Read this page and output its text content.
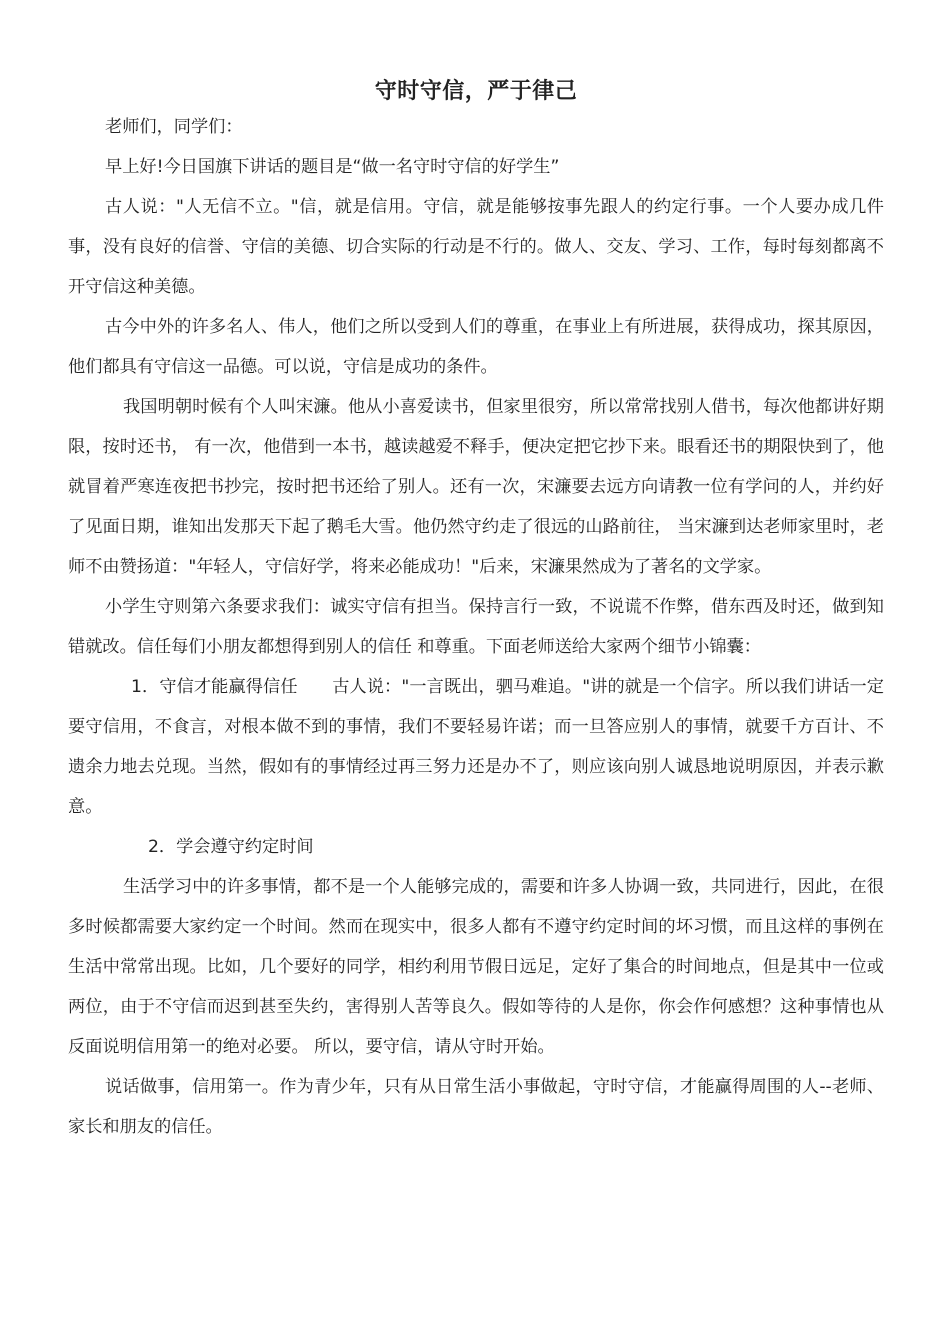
守时守信，严于律己

老师们，同学们：

早上好!今日国旗下讲话的题目是“做一名守时守信的好学生”

古人说："人无信不立。"信，就是信用。守信，就是能够按事先跟人的约定行事。一个人要办成几件事，没有良好的信誉、守信的美德、切合实际的行动是不行的。做人、交友、学习、工作，每时每刻都离不开守信这种美德。

古今中外的许多名人、伟人，他们之所以受到人们的尊重，在事业上有所进展，获得成功，探其原因，他们都具有守信这一品德。可以说，守信是成功的条件。

我国明朝时候有个人叫宋濂。他从小喜爱读书，但家里很穷，所以常常找别人借书，每次他都讲好期限，按时还书， 有一次，他借到一本书，越读越爱不释手，便决定把它抄下来。眼看还书的期限快到了，他就冒着严寒连夜把书抄完，按时把书还给了别人。还有一次，宋濂要去远方向请教一位有学问的人，并约好了见面日期，谁知出发那天下起了鹅毛大雪。他仍然守约走了很远的山路前往， 当宋濂到达老师家里时，老师不由赞扬道："年轻人，守信好学，将来必能成功！"后来，宋濂果然成为了著名的文学家。

小学生守则第六条要求我们：诚实守信有担当。保持言行一致，不说谎不作弊，借东西及时还，做到知错就改。信任每们小朋友都想得到别人的信任 和尊重。下面老师送给大家两个细节小锦囊：

1．守信才能赢得信任　　古人说："一言既出，驷马难追。"讲的就是一个信字。所以我们讲话一定要守信用，不食言，对根本做不到的事情，我们不要轻易许诺；而一旦答应别人的事情，就要千方百计、不遗余力地去兑现。当然，假如有的事情经过再三努力还是办不了，则应该向别人诚恳地说明原因，并表示歉意。

2．学会遵守约定时间

生活学习中的许多事情，都不是一个人能够完成的，需要和许多人协调一致，共同进行，因此，在很多时候都需要大家约定一个时间。然而在现实中，很多人都有不遵守约定时间的坏习惯，而且这样的事例在生活中常常出现。比如，几个要好的同学，相约利用节假日远足，定好了集合的时间地点，但是其中一位或两位，由于不守信而迟到甚至失约，害得别人苦等良久。假如等待的人是你，你会作何感想？这种事情也从反面说明信用第一的绝对必要。 所以，要守信，请从守时开始。

说话做事，信用第一。作为青少年，只有从日常生活小事做起，守时守信，才能赢得周围的人--老师、家长和朋友的信任。
